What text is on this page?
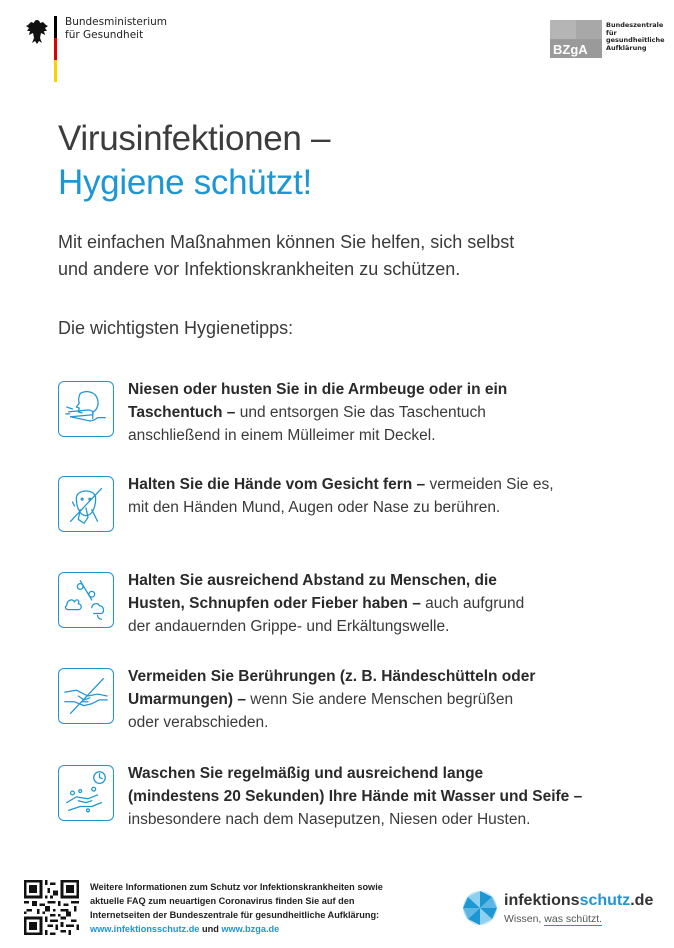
Bundesministerium
für Gesundheit
BZgA
Bundeszentrale
für
gesundheitliche
Aufklärung
Virusinfektionen –
Hygiene schützt!
Mit einfachen Maßnahmen können Sie helfen, sich selbst
und andere vor Infektionskrankheiten zu schützen.
Die wichtigsten Hygienetipps:
Niesen oder husten Sie in die Armbeuge oder in ein
Taschentuch – und entsorgen Sie das Taschentuch
anschließend in einem Mülleimer mit Deckel.
Halten Sie die Hände vom Gesicht fern – vermeiden Sie es,
mit den Händen Mund, Augen oder Nase zu berühren.
Halten Sie ausreichend Abstand zu Menschen, die
Husten, Schnupfen oder Fieber haben – auch aufgrund
der andauernden Grippe- und Erkältungswelle.
Vermeiden Sie Berührungen (z. B. Händeschütteln oder
Umarmungen) – wenn Sie andere Menschen begrüßen
oder verabschieden.
Waschen Sie regelmäßig und ausreichend lange
(mindestens 20 Sekunden) Ihre Hände mit Wasser und Seife –
insbesondere nach dem Naseputzen, Niesen oder Husten.
Weitere Informationen zum Schutz vor Infektionskrankheiten sowie
aktuelle FAQ zum neuartigen Coronavirus finden Sie auf den
Internetseiten der Bundeszentrale für gesundheitliche Aufklärung:
www.infektionsschutz.de und www.bzga.de
infektionsschutz.de
Wissen, was schützt.
